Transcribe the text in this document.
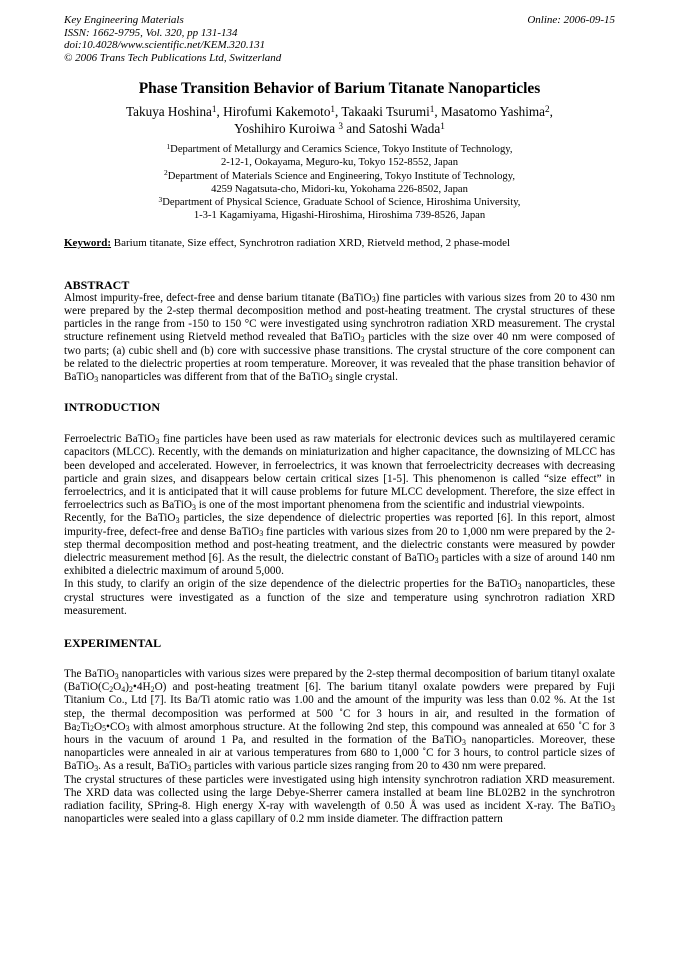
Key Engineering Materials
ISSN: 1662-9795, Vol. 320, pp 131-134
doi:10.4028/www.scientific.net/KEM.320.131
© 2006 Trans Tech Publications Ltd, Switzerland
Online: 2006-09-15
Phase Transition Behavior of Barium Titanate Nanoparticles
Takuya Hoshina$^1$, Hirofumi Kakemoto$^1$, Takaaki Tsurumi$^1$, Masatomo Yashima$^2$,
Yoshihiro Kuroiwa $^3$ and Satoshi Wada$^1$
$^1$Department of Metallurgy and Ceramics Science, Tokyo Institute of Technology,
2-12-1, Ookayama, Meguro-ku, Tokyo 152-8552, Japan
$^2$Department of Materials Science and Engineering, Tokyo Institute of Technology,
4259 Nagatsuta-cho, Midori-ku, Yokohama 226-8502, Japan
$^3$Department of Physical Science, Graduate School of Science, Hiroshima University,
1-3-1 Kagamiyama, Higashi-Hiroshima, Hiroshima 739-8526, Japan
Keyword: Barium titanate, Size effect, Synchrotron radiation XRD, Rietveld method, 2 phase-model
ABSTRACT
Almost impurity-free, defect-free and dense barium titanate (BaTiO$_3$) fine particles with various sizes from 20 to 430 nm were prepared by the 2-step thermal decomposition method and post-heating treatment. The crystal structures of these particles in the range from -150 to 150 °C were investigated using synchrotron radiation XRD measurement. The crystal structure refinement using Rietveld method revealed that BaTiO$_3$ particles with the size over 40 nm were composed of two parts; (a) cubic shell and (b) core with successive phase transitions. The crystal structure of the core component can be related to the dielectric properties at room temperature. Moreover, it was revealed that the phase transition behavior of BaTiO$_3$ nanoparticles was different from that of the BaTiO$_3$ single crystal.
INTRODUCTION
Ferroelectric BaTiO$_3$ fine particles have been used as raw materials for electronic devices such as multilayered ceramic capacitors (MLCC). Recently, with the demands on miniaturization and higher capacitance, the downsizing of MLCC has been developed and accelerated. However, in ferroelectrics, it was known that ferroelectricity decreases with decreasing particle and grain sizes, and disappears below certain critical sizes [1-5]. This phenomenon is called “size effect” in ferroelectrics, and it is anticipated that it will cause problems for future MLCC development. Therefore, the size effect in ferroelectrics such as BaTiO$_3$ is one of the most important phenomena from the scientific and industrial viewpoints.
Recently, for the BaTiO$_3$ particles, the size dependence of dielectric properties was reported [6]. In this report, almost impurity-free, defect-free and dense BaTiO$_3$ fine particles with various sizes from 20 to 1,000 nm were prepared by the 2-step thermal decomposition method and post-heating treatment, and the dielectric constants were measured by powder dielectric measurement method [6]. As the result, the dielectric constant of BaTiO$_3$ particles with a size of around 140 nm exhibited a dielectric maximum of around 5,000.
In this study, to clarify an origin of the size dependence of the dielectric properties for the BaTiO$_3$ nanoparticles, these crystal structures were investigated as a function of the size and temperature using synchrotron radiation XRD measurement.
EXPERIMENTAL
The BaTiO$_3$ nanoparticles with various sizes were prepared by the 2-step thermal decomposition of barium titanyl oxalate $(BaTiO(C_2O_4)_2•4H_2O)$ and post-heating treatment [6]. The barium titanyl oxalate powders were prepared by Fuji Titanium Co., Ltd [7]. Its Ba/Ti atomic ratio was 1.00 and the amount of the impurity was less than 0.02 %. At the 1st step, the thermal decomposition was performed at 500 ˚C for 3 hours in air, and resulted in the formation of $Ba_2Ti_2O_5•CO_3$ with almost amorphous structure. At the following 2nd step, this compound was annealed at 650 ˚C for 3 hours in the vacuum of around 1 Pa, and resulted in the formation of the BaTiO$_3$ nanoparticles. Moreover, these nanoparticles were annealed in air at various temperatures from 680 to 1,000 ˚C for 3 hours, to control particle sizes of BaTiO$_3$. As a result, BaTiO$_3$ particles with various particle sizes ranging from 20 to 430 nm were prepared.
The crystal structures of these particles were investigated using high intensity synchrotron radiation XRD measurement. The XRD data was collected using the large Debye-Sherrer camera installed at beam line BL02B2 in the synchrotron radiation facility, SPring-8. High energy X-ray with wavelength of 0.50 Å was used as incident X-ray. The BaTiO$_3$ nanoparticles were sealed into a glass capillary of 0.2 mm inside diameter. The diffraction pattern
